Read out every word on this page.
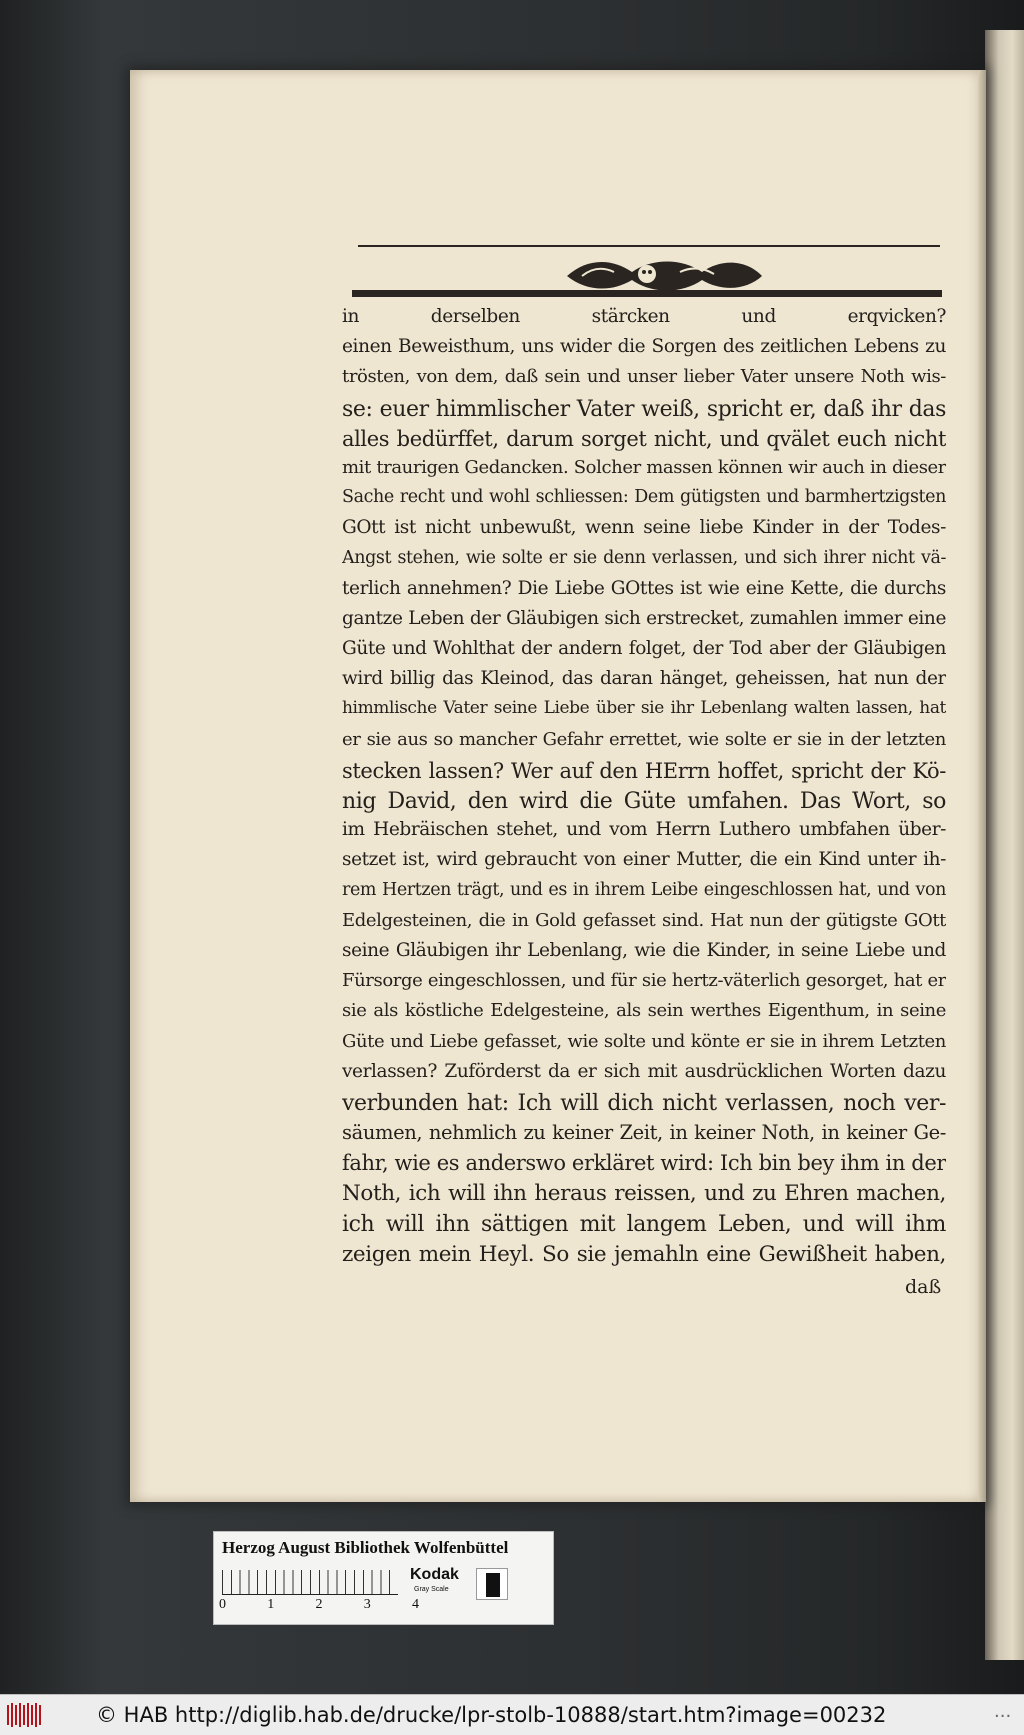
in derselben stärcken und erqvicken?
einen Beweisthum, uns wider die Sorgen des zeitlichen Lebens zu
trösten, von dem, daß sein und unser lieber Vater unsere Noth wis-
se: euer himmlischer Vater weiß, spricht er, daß ihr das
alles bedürffet, darum sorget nicht, und qvälet euch nicht
mit traurigen Gedancken. Solcher massen können wir auch in dieser
Sache recht und wohl schliessen: Dem gütigsten und barmhertzigsten
GOtt ist nicht unbewußt, wenn seine liebe Kinder in der Todes-
Angst stehen, wie solte er sie denn verlassen, und sich ihrer nicht vä-
terlich annehmen? Die Liebe GOttes ist wie eine Kette, die durchs
gantze Leben der Gläubigen sich erstrecket, zumahlen immer eine
Güte und Wohlthat der andern folget, der Tod aber der Gläubigen
wird billig das Kleinod, das daran hänget, geheissen, hat nun der
himmlische Vater seine Liebe über sie ihr Lebenlang walten lassen, hat
er sie aus so mancher Gefahr errettet, wie solte er sie in der letzten
stecken lassen? Wer auf den HErrn hoffet, spricht der Kö-
nig David, den wird die Güte umfahen. Das Wort, so
im Hebräischen stehet, und vom Herrn Luthero umbfahen über-
setzet ist, wird gebraucht von einer Mutter, die ein Kind unter ih-
rem Hertzen trägt, und es in ihrem Leibe eingeschlossen hat, und von
Edelgesteinen, die in Gold gefasset sind. Hat nun der gütigste GOtt
seine Gläubigen ihr Lebenlang, wie die Kinder, in seine Liebe und
Fürsorge eingeschlossen, und für sie hertz-väterlich gesorget, hat er
sie als köstliche Edelgesteine, als sein werthes Eigenthum, in seine
Güte und Liebe gefasset, wie solte und könte er sie in ihrem Letzten
verlassen? Zuförderst da er sich mit ausdrücklichen Worten dazu
verbunden hat: Ich will dich nicht verlassen, noch ver-
säumen, nehmlich zu keiner Zeit, in keiner Noth, in keiner Ge-
fahr, wie es anderswo erkläret wird: Ich bin bey ihm in der
Noth, ich will ihn heraus reissen, und zu Ehren machen,
ich will ihn sättigen mit langem Leben, und will ihm
zeigen mein Heyl. So sie jemahln eine Gewißheit haben,
daß
Herzog August Bibliothek Wolfenbüttel
0	1	2	3	4
Kodak
Gray Scale
© HAB http://diglib.hab.de/drucke/lpr-stolb-10888/start.htm?image=00232	...
